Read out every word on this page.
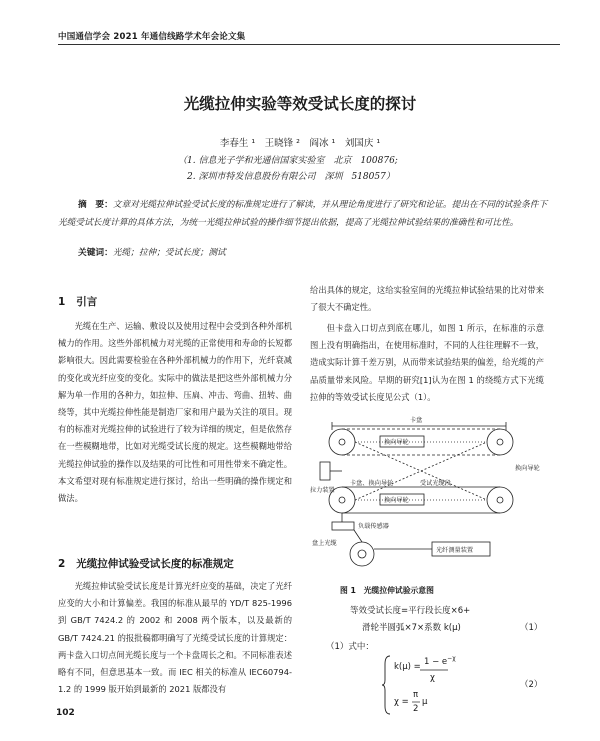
中国通信学会 2021 年通信线路学术年会论文集
光缆拉伸实验等效受试长度的探讨
李春生 ¹　王晓锋 ²　阎冰 ¹　刘国庆 ¹
（1. 信息光子学和光通信国家实验室　北京　100876;
　2. 深圳市特发信息股份有限公司　深圳　518057）
摘　要：文章对光缆拉伸试验受试长度的标准规定进行了解读，并从理论角度进行了研究和论证。提出在不同的试验条件下光缆受试长度计算的具体方法，为统一光缆拉伸试验的操作细节提出依据，提高了光缆拉伸试验结果的准确性和可比性。
关键词：光缆；拉伸；受试长度；测试
1 引言

光缆在生产、运输、敷设以及使用过程中会受到各种外部机械力的作用。这些外部机械力对光缆的正常使用和寿命的长短都影响很大。因此需要检验在各种外部机械力的作用下，光纤衰减的变化或光纤应变的变化。实际中的做法是把这些外部机械力分解为单一作用的各种力，如拉伸、压扁、冲击、弯曲、扭转、曲绕等，其中光缆拉伸性能是制造厂家和用户最为关注的项目。现有的标准对光缆拉伸的试验进行了较为详细的规定，但是依然存在一些模糊地带，比如对光缆受试长度的规定。这些模糊地带给光缆拉伸试验的操作以及结果的可比性和可用性带来不确定性。本文希望对现有标准规定进行探讨，给出一些明确的操作规定和做法。

2 光缆拉伸试验受试长度的标准规定

光缆拉伸试验受试长度是计算光纤应变的基础，决定了光纤应变的大小和计算偏差。我国的标准从最早的 YD/T 825-1996 到 GB/T 7424.2 的 2002 和 2008 两个版本，以及最新的 GB/T 7424.21 的报批稿都明确写了光缆受试长度的计算规定：两卡盘入口切点间光缆长度与一个卡盘周长之和。不同标准表述略有不同，但意思基本一致。而 IEC 相关的标准从 IEC60794-1.2 的 1999 版开始到最新的 2021 版都没有

给出具体的规定，这给实验室间的光缆拉伸试验结果的比对带来了很大不确定性。

但卡盘入口切点到底在哪儿，如图 1 所示，在标准的示意图上没有明确指出，在使用标准时，不同的人往往理解不一致，造成实际计算千差万别，从而带来试验结果的偏差，给光缆的产品质量带来风险。早期的研究[1]认为在图 1 的绕缆方式下光缆拉伸的等效受试长度见公式（1）。

卡盘
换向导轮
换向导轮
拉力装置
卡盘、换向导轮	受试光缆段
换向导轮
负载传感器
盘上光缆
光纤测量装置
图 1　光缆拉伸试验示意图
等效受试长度=平行段长度×6+
滑轮半圆弧×7×系数 k(μ)	（1）
（1）式中：
k(μ) =
$1 - e^{-\chi}$
χ
χ =
π
2
μ
（2）
102
